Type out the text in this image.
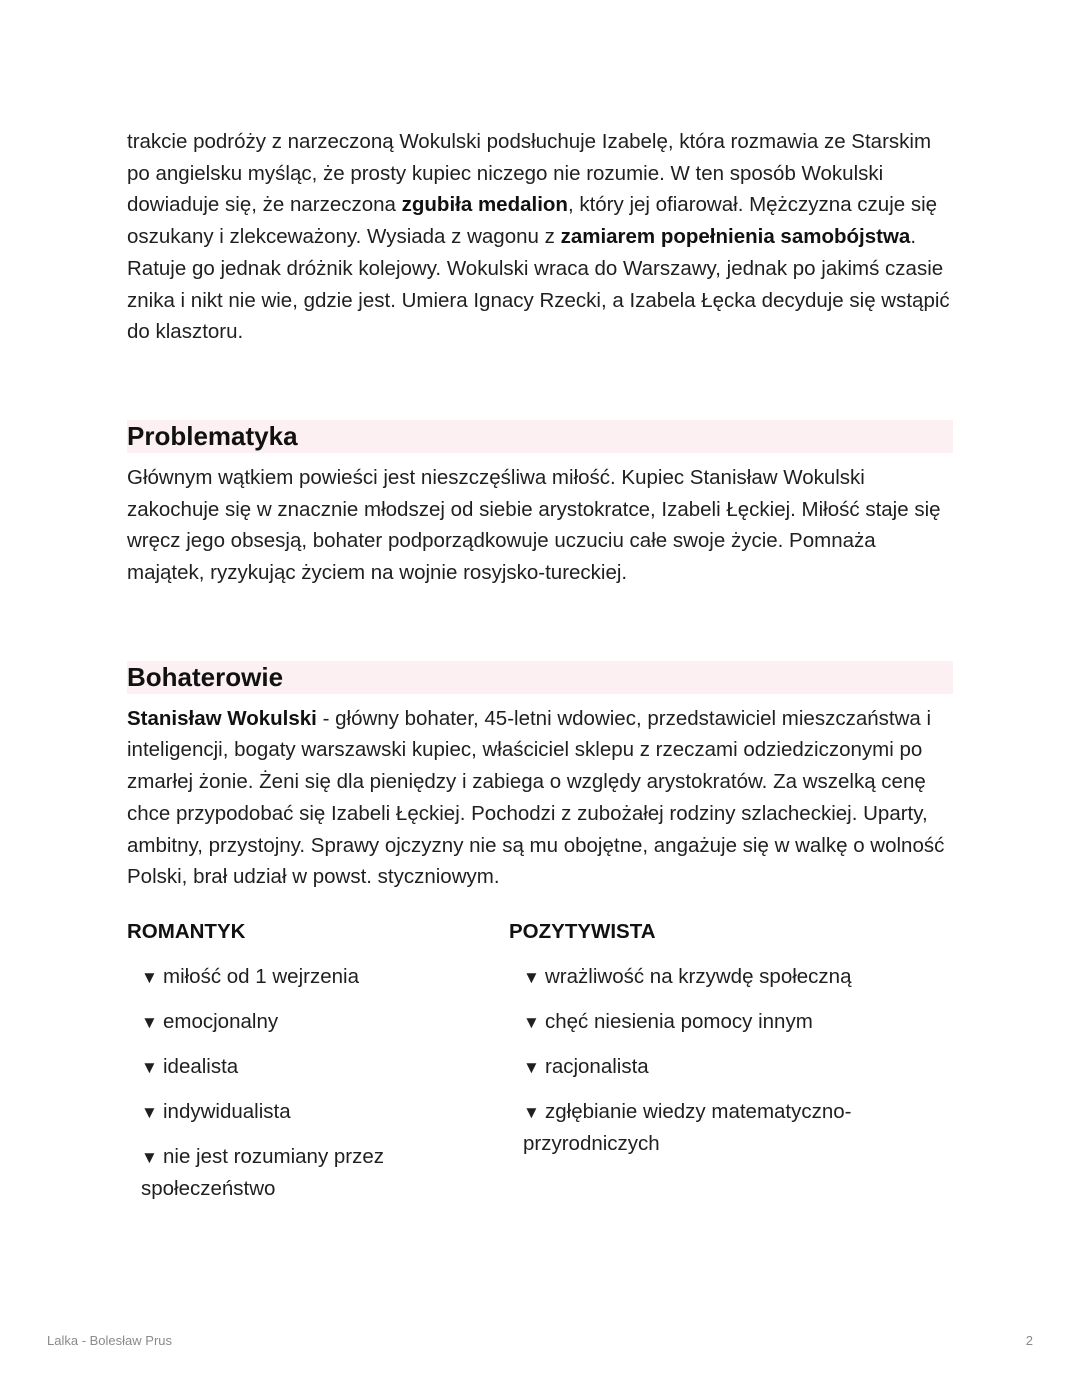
trakcie podróży z narzeczoną Wokulski podsłuchuje Izabelę, która rozmawia ze Starskim po angielsku myśląc, że prosty kupiec niczego nie rozumie. W ten sposób Wokulski dowiaduje się, że narzeczona zgubiła medalion, który jej ofiarował. Mężczyzna czuje się oszukany i zlekceważony. Wysiada z wagonu z zamiarem popełnienia samobójstwa. Ratuje go jednak dróżnik kolejowy. Wokulski wraca do Warszawy, jednak po jakimś czasie znika i nikt nie wie, gdzie jest. Umiera Ignacy Rzecki, a Izabela Łęcka decyduje się wstąpić do klasztoru.

Problematyka

Głównym wątkiem powieści jest nieszczęśliwa miłość. Kupiec Stanisław Wokulski zakochuje się w znacznie młodszej od siebie arystokratce, Izabeli Łęckiej. Miłość staje się wręcz jego obsesją, bohater podporządkowuje uczuciu całe swoje życie. Pomnaża majątek, ryzykując życiem na wojnie rosyjsko-tureckiej.

Bohaterowie

Stanisław Wokulski - główny bohater, 45-letni wdowiec, przedstawiciel mieszczaństwa i inteligencji, bogaty warszawski kupiec, właściciel sklepu z rzeczami odziedziczonymi po zmarłej żonie. Żeni się dla pieniędzy i zabiega o względy arystokratów. Za wszelką cenę chce przypodobać się Izabeli Łęckiej. Pochodzi z zubożałej rodziny szlacheckiej. Uparty, ambitny, przystojny. Sprawy ojczyzny nie są mu obojętne, angażuje się w walkę o wolność Polski, brał udział w powst. styczniowym.

ROMANTYK
▼ miłość od 1 wejrzenia
▼ emocjonalny
▼ idealista
▼ indywidualista
▼ nie jest rozumiany przez społeczeństwo
POZYTYWISTA
▼ wrażliwość na krzywdę społeczną
▼ chęć niesienia pomocy innym
▼ racjonalista
▼ zgłębianie wiedzy matematyczno-przyrodniczych
Lalka - Bolesław Prus	2
